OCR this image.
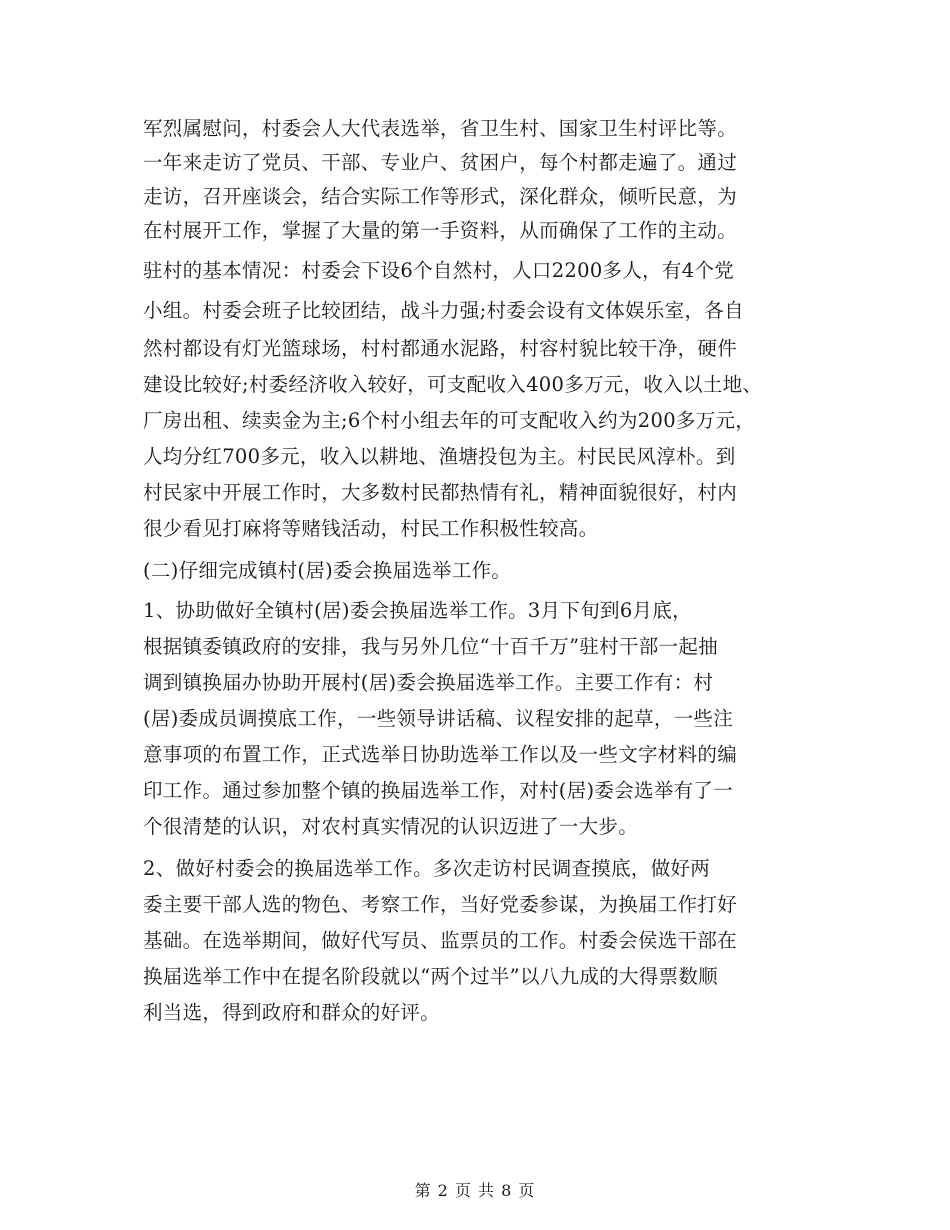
军烈属慰问，村委会人大代表选举，省卫生村、国家卫生村评比等。
一年来走访了党员、干部、专业户、贫困户，每个村都走遍了。通过
走访，召开座谈会，结合实际工作等形式，深化群众，倾听民意，为
在村展开工作，掌握了大量的第一手资料，从而确保了工作的主动。
驻村的基本情况：村委会下设6个自然村，人口2200多人，有4个党
小组。村委会班子比较团结，战斗力强;村委会设有文体娱乐室，各自
然村都设有灯光篮球场，村村都通水泥路，村容村貌比较干净，硬件
建设比较好;村委经济收入较好，可支配收入400多万元，收入以土地、
厂房出租、续卖金为主;6个村小组去年的可支配收入约为200多万元，
人均分红700多元，收入以耕地、渔塘投包为主。村民民风淳朴。到
村民家中开展工作时，大多数村民都热情有礼，精神面貌很好，村内
很少看见打麻将等赌钱活动，村民工作积极性较高。
(二)仔细完成镇村(居)委会换届选举工作。
1、协助做好全镇村(居)委会换届选举工作。3月下旬到6月底，
根据镇委镇政府的安排，我与另外几位“十百千万”驻村干部一起抽
调到镇换届办协助开展村(居)委会换届选举工作。主要工作有：村
(居)委成员调摸底工作，一些领导讲话稿、议程安排的起草，一些注
意事项的布置工作，正式选举日协助选举工作以及一些文字材料的编
印工作。通过参加整个镇的换届选举工作，对村(居)委会选举有了一
个很清楚的认识，对农村真实情况的认识迈进了一大步。
2、做好村委会的换届选举工作。多次走访村民调查摸底，做好两
委主要干部人选的物色、考察工作，当好党委参谋，为换届工作打好
基础。在选举期间，做好代写员、监票员的工作。村委会侯选干部在
换届选举工作中在提名阶段就以“两个过半”以八九成的大得票数顺
利当选，得到政府和群众的好评。
第 2 页 共 8 页
